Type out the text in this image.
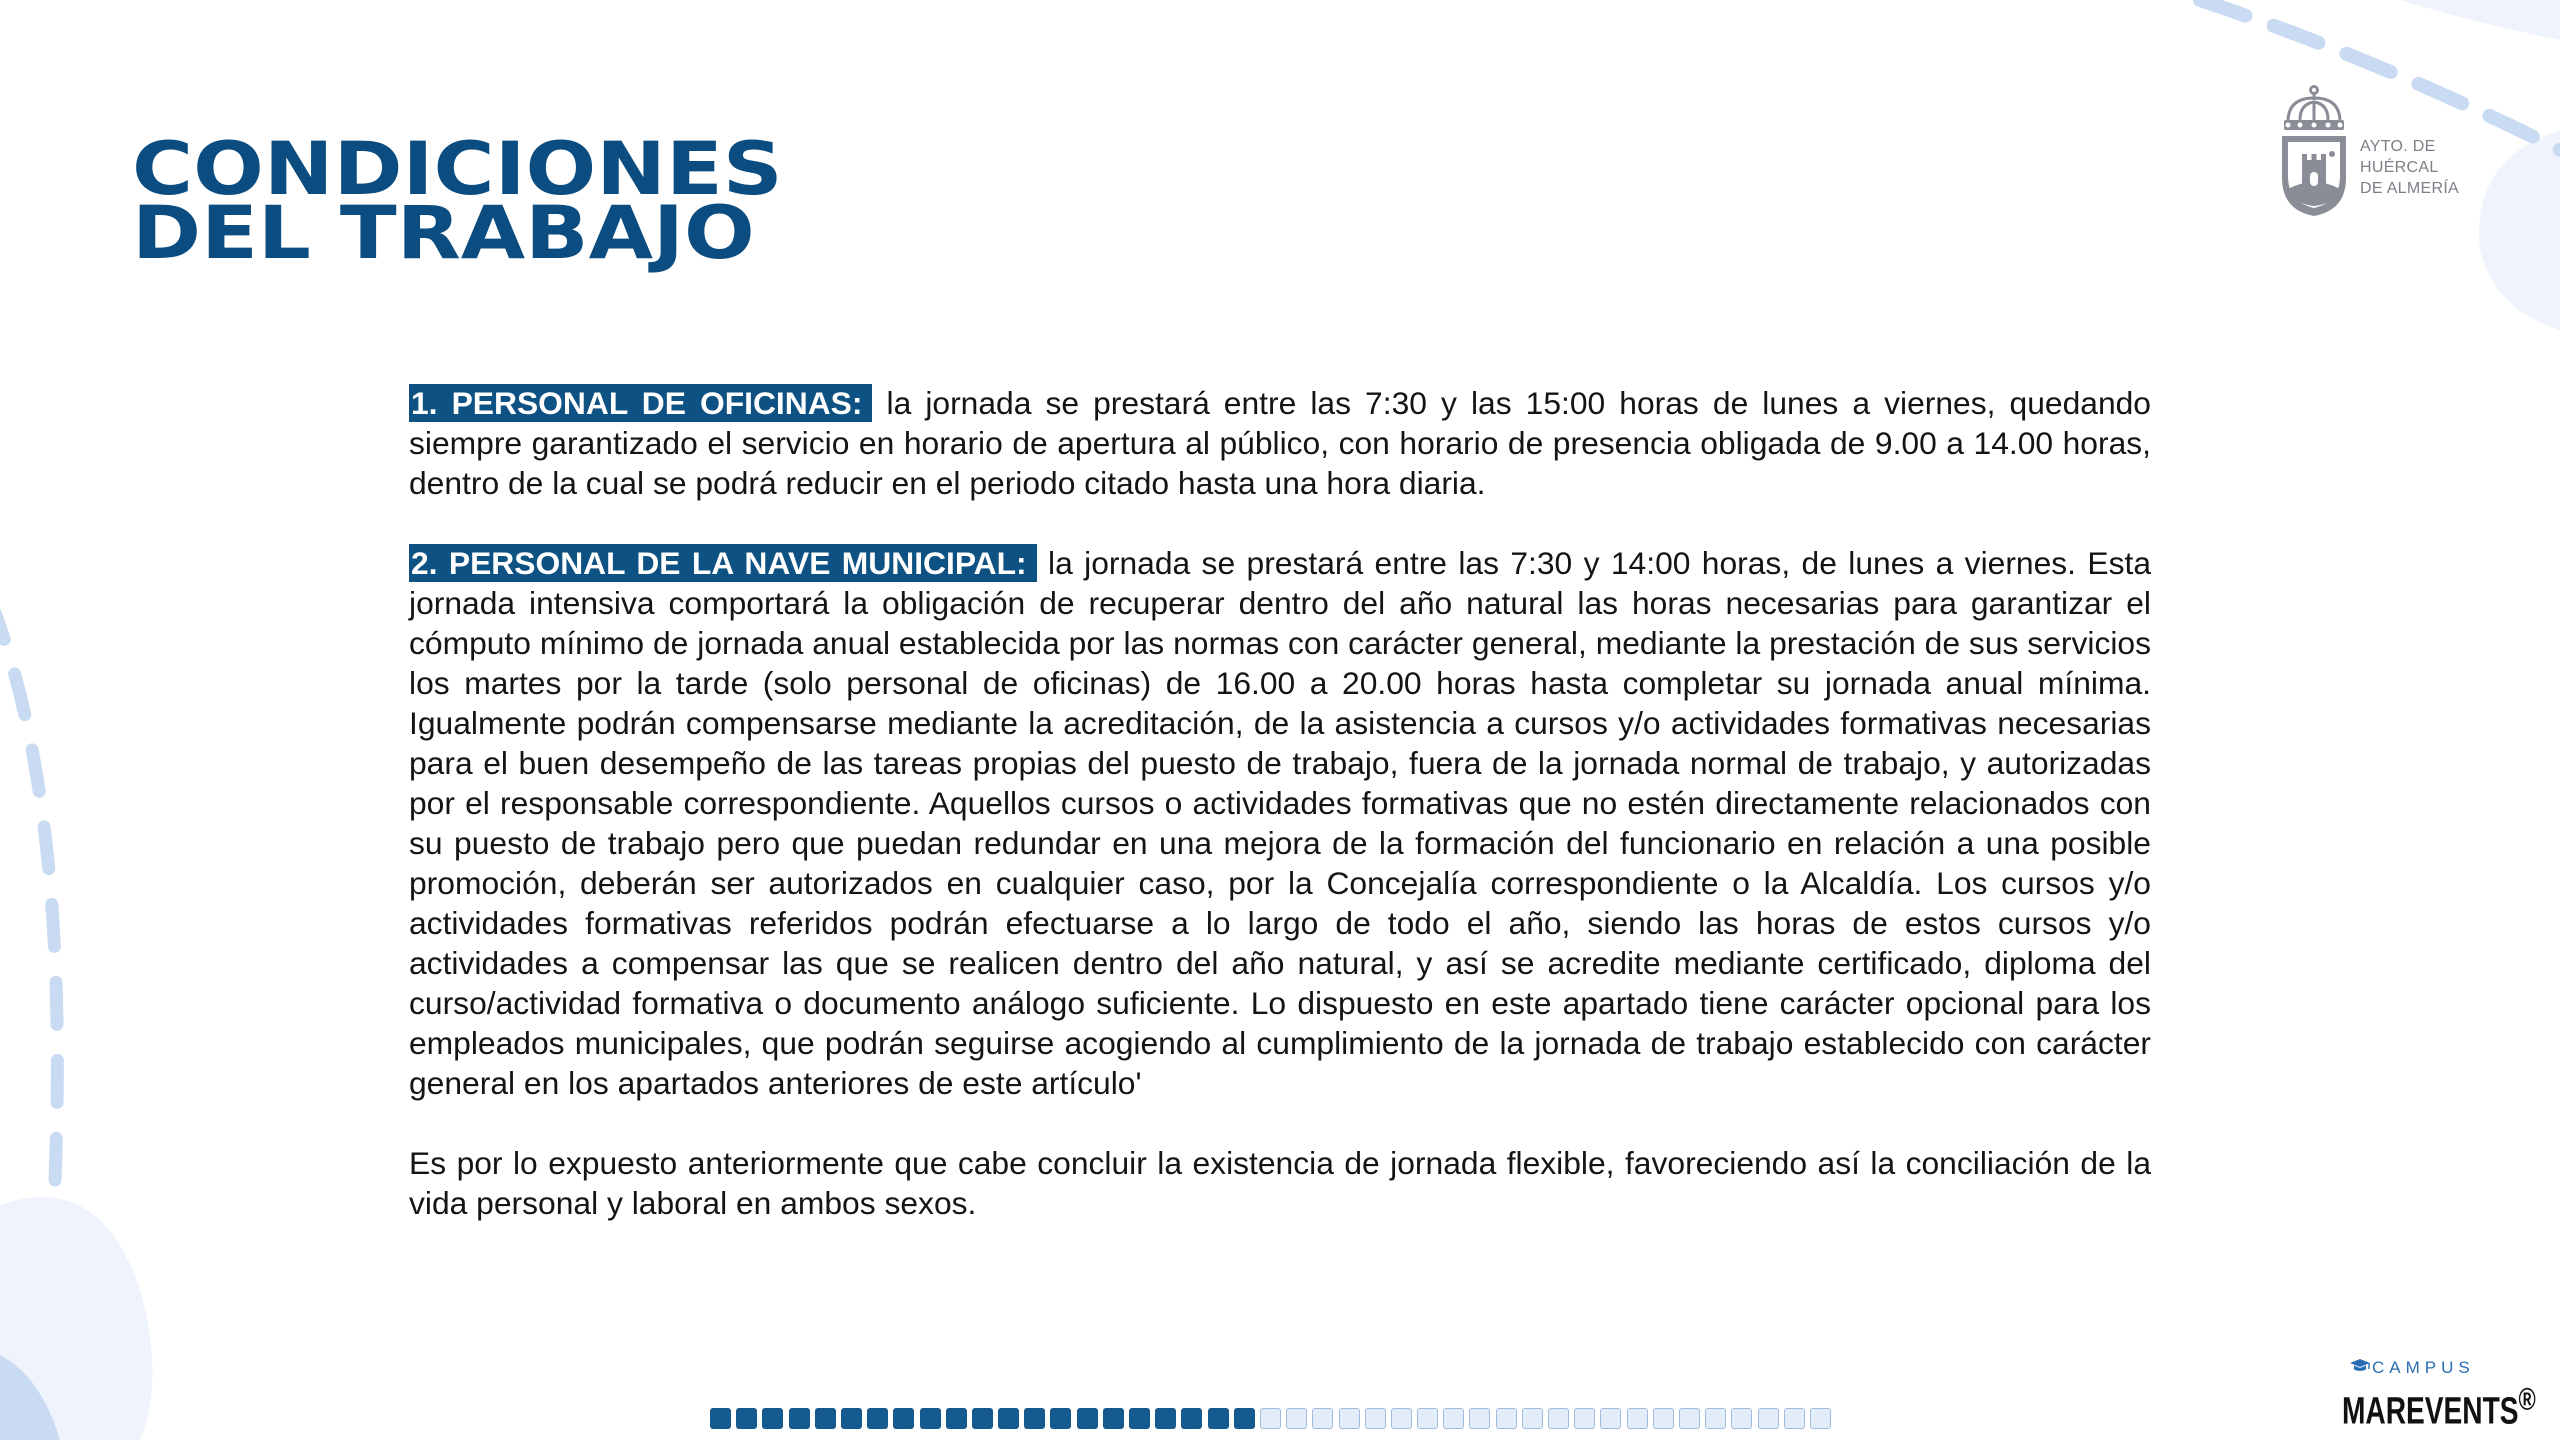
CONDICIONES
DEL TRABAJO
AYTO. DE
HUÉRCAL
DE ALMERÍA

1. PERSONAL DE OFICINAS: la jornada se prestará entre las 7:30 y las 15:00 horas de lunes a viernes, quedando siempre garantizado el servicio en horario de apertura al público, con horario de presencia obligada de 9.00 a 14.00 horas, dentro de la cual se podrá reducir en el periodo citado hasta una hora diaria.

2. PERSONAL DE LA NAVE MUNICIPAL: la jornada se prestará entre las 7:30 y 14:00 horas, de lunes a viernes. Esta jornada intensiva comportará la obligación de recuperar dentro del año natural las horas necesarias para garantizar el cómputo mínimo de jornada anual establecida por las normas con carácter general, mediante la prestación de sus servicios los martes por la tarde (solo personal de oficinas) de 16.00 a 20.00 horas hasta completar su jornada anual mínima. Igualmente podrán compensarse mediante la acreditación, de la asistencia a cursos y/o actividades formativas necesarias para el buen desempeño de las tareas propias del puesto de trabajo, fuera de la jornada normal de trabajo, y autorizadas por el responsable correspondiente. Aquellos cursos o actividades formativas que no estén directamente relacionados con su puesto de trabajo pero que puedan redundar en una mejora de la formación del funcionario en relación a una posible promoción, deberán ser autorizados en cualquier caso, por la Concejalía correspondiente o la Alcaldía. Los cursos y/o actividades formativas referidos podrán efectuarse a lo largo de todo el año, siendo las horas de estos cursos y/o actividades a compensar las que se realicen dentro del año natural, y así se acredite mediante certificado, diploma del curso/actividad formativa o documento análogo suficiente. Lo dispuesto en este apartado tiene carácter opcional para los empleados municipales, que podrán seguirse acogiendo al cumplimiento de la jornada de trabajo establecido con carácter general en los apartados anteriores de este artículo'

Es por lo expuesto anteriormente que cabe concluir la existencia de jornada flexible, favoreciendo así la conciliación de la vida personal y laboral en ambos sexos.

CAMPUS
MAREVENTS®
